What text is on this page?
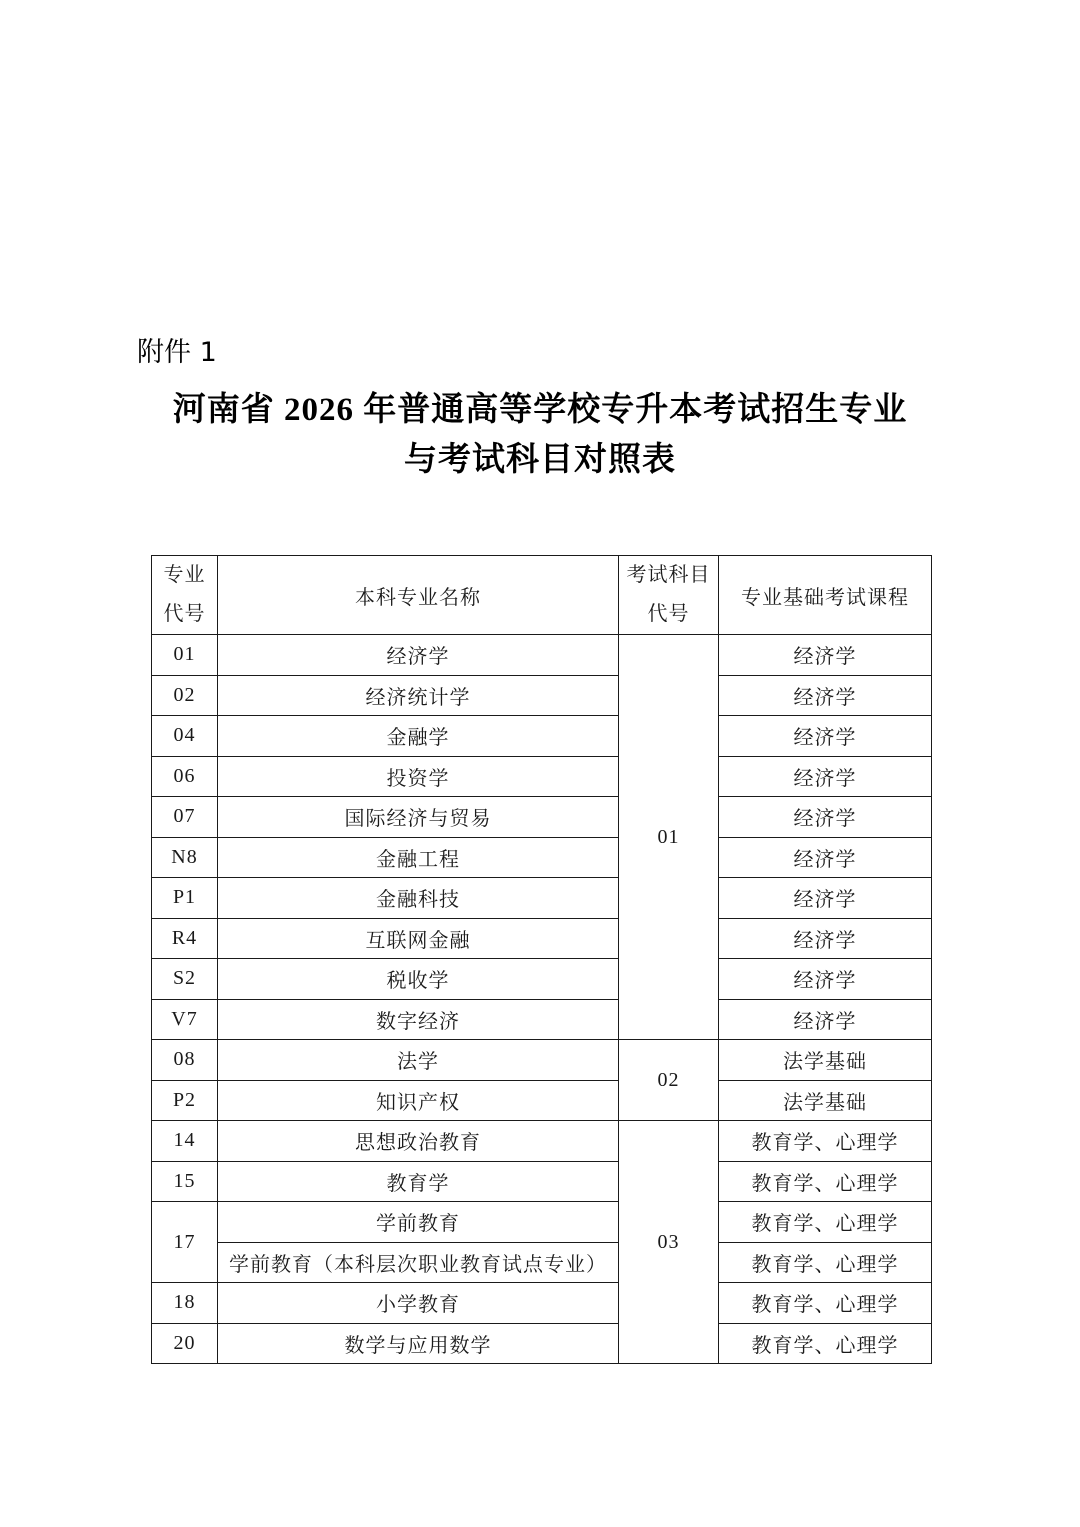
附件 1
河南省 2026 年普通高等学校专升本考试招生专业
与考试科目对照表
专业
代号	本科专业名称	考试科目
代号	专业基础考试课程
01	经济学	01	经济学
02	经济统计学		经济学
04	金融学		经济学
06	投资学		经济学
07	国际经济与贸易		经济学
N8	金融工程		经济学
P1	金融科技		经济学
R4	互联网金融		经济学
S2	税收学		经济学
V7	数字经济		经济学
08	法学	02	法学基础
P2	知识产权		法学基础
14	思想政治教育	03	教育学、心理学
15	教育学		教育学、心理学
17	学前教育		教育学、心理学
	学前教育（本科层次职业教育试点专业）		教育学、心理学
18	小学教育		教育学、心理学
20	数学与应用数学		教育学、心理学
